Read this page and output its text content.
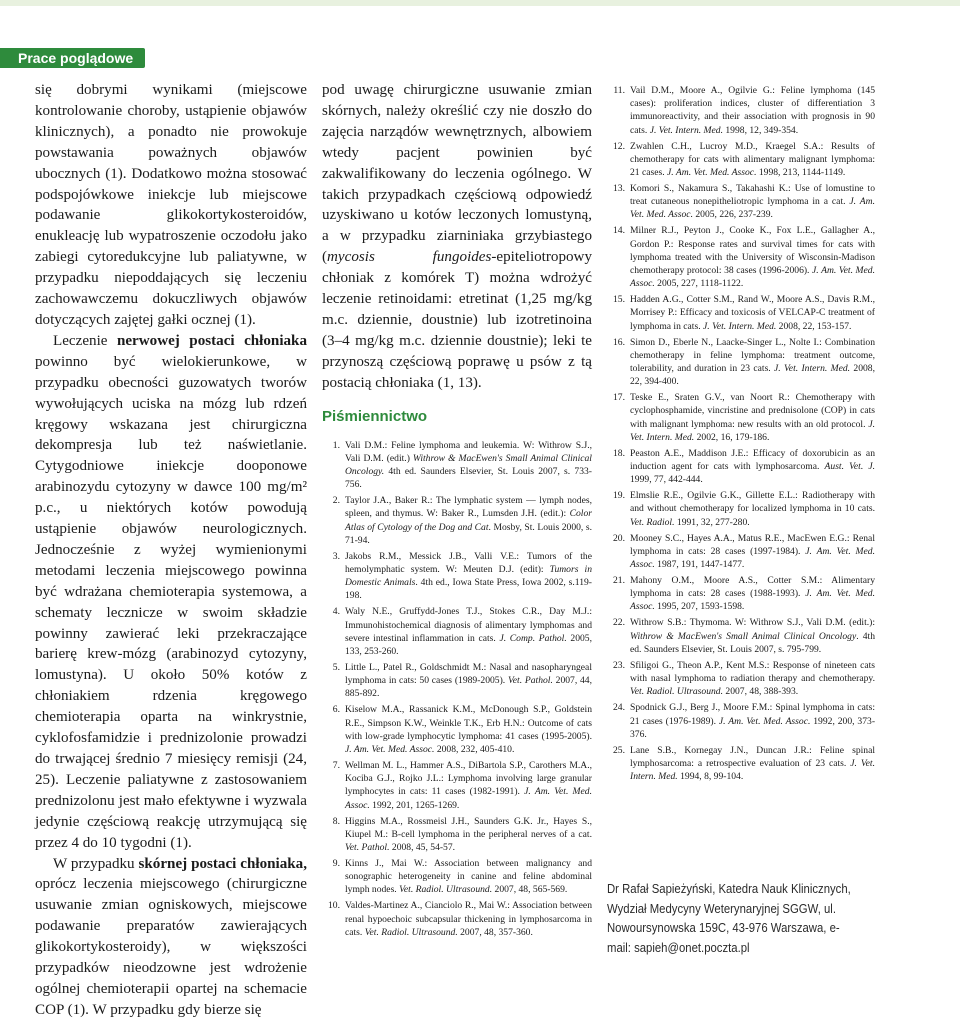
Prace poglądowe

się dobrymi wynikami (miejscowe kontrolowanie choroby, ustąpienie objawów klinicznych), a ponadto nie prowokuje powstawania poważnych objawów ubocznych (1). Dodatkowo można stosować podspojówkowe iniekcje lub miejscowe podawanie glikokortykosteroidów, enukleację lub wypatroszenie oczodołu jako zabiegi cytoredukcyjne lub paliatywne, w przypadku niepoddających się leczeniu zachowawczemu dokuczliwych objawów dotyczących zajętej gałki ocznej (1).

Leczenie nerwowej postaci chłoniaka powinno być wielokierunkowe, w przypadku obecności guzowatych tworów wywołujących uciska na mózg lub rdzeń kręgowy wskazana jest chirurgiczna dekompresja lub też naświetlanie. Cytygodniowe iniekcje dooponowe arabinozydu cytozyny w dawce 100 mg/m² p.c., u niektórych kotów powodują ustąpienie objawów neurologicznych. Jednocześnie z wyżej wymienionymi metodami leczenia miejscowego powinna być wdrażana chemioterapia systemowa, a schematy lecznicze w swoim składzie powinny zawierać leki przekraczające barierę krew-mózg (arabinozyd cytozyny, lomustyna). U około 50% kotów z chłoniakiem rdzenia kręgowego chemioterapia oparta na winkrystnie, cyklofosfamidzie i prednizolonie prowadzi do trwającej średnio 7 miesięcy remisji (24, 25). Leczenie paliatywne z zastosowaniem prednizolonu jest mało efektywne i wyzwala jedynie częściową reakcję utrzymującą się przez 4 do 10 tygodni (1).

W przypadku skórnej postaci chłoniaka, oprócz leczenia miejscowego (chirurgiczne usuwanie zmian ogniskowych, miejscowe podawanie preparatów zawierających glikokortykosteroidy), w większości przypadków nieodzowne jest wdrożenie ogólnej chemioterapii opartej na schemacie COP (1). W przypadku gdy bierze się

pod uwagę chirurgiczne usuwanie zmian skórnych, należy określić czy nie doszło do zajęcia narządów wewnętrznych, albowiem wtedy pacjent powinien być zakwalifikowany do leczenia ogólnego. W takich przypadkach częściową odpowiedź uzyskiwano u kotów leczonych lomustyną, a w przypadku ziarniniaka grzybiastego (mycosis fungoides-epiteliotropowy chłoniak z komórek T) można wdrożyć leczenie retinoidami: etretinat (1,25 mg/kg m.c. dziennie, doustnie) lub izotretinoina (3–4 mg/kg m.c. dziennie doustnie); leki te przynoszą częściową poprawę u psów z tą postacią chłoniaka (1, 13).

Piśmiennictwo
1. Vali D.M.: Feline lymphoma and leukemia. W: Withrow S.J., Vali D.M. (edit.) Withrow & MacEwen's Small Animal Clinical Oncology. 4th ed. Saunders Elsevier, St. Louis 2007, s. 733-756.
2. Taylor J.A., Baker R.: The lymphatic system — lymph nodes, spleen, and thymus. W: Baker R., Lumsden J.H. (edit.): Color Atlas of Cytology of the Dog and Cat. Mosby, St. Louis 2000, s. 71-94.
3. Jakobs R.M., Messick J.B., Valli V.E.: Tumors of the hemolymphatic system. W: Meuten D.J. (edit): Tumors in Domestic Animals. 4th ed., Iowa State Press, Iowa 2002, s.119-198.
4. Waly N.E., Gruffydd-Jones T.J., Stokes C.R., Day M.J.: Immunohistochemical diagnosis of alimentary lymphomas and severe intestinal inflammation in cats. J. Comp. Pathol. 2005, 133, 253-260.
5. Little L., Patel R., Goldschmidt M.: Nasal and nasopharyngeal lymphoma in cats: 50 cases (1989-2005). Vet. Pathol. 2007, 44, 885-892.
6. Kiselow M.A., Rassanick K.M., McDonough S.P., Goldstein R.E., Simpson K.W., Weinkle T.K., Erb H.N.: Outcome of cats with low-grade lymphocytic lymphoma: 41 cases (1995-2005). J. Am. Vet. Med. Assoc. 2008, 232, 405-410.
7. Wellman M. L., Hammer A.S., DiBartola S.P., Carothers M.A., Kociba G.J., Rojko J.L.: Lymphoma involving large granular lymphocytes in cats: 11 cases (1982-1991). J. Am. Vet. Med. Assoc. 1992, 201, 1265-1269.
8. Higgins M.A., Rossmeisl J.H., Saunders G.K. Jr., Hayes S., Kiupel M.: B-cell lymphoma in the peripheral nerves of a cat. Vet. Pathol. 2008, 45, 54-57.
9. Kinns J., Mai W.: Association between malignancy and sonographic heterogeneity in canine and feline abdominal lymph nodes. Vet. Radiol. Ultrasound. 2007, 48, 565-569.
10. Valdes-Martinez A., Cianciolo R., Mai W.: Association between renal hypoechoic subcapsular thickening in lymphosarcoma in cats. Vet. Radiol. Ultrasound. 2007, 48, 357-360.
11. Vail D.M., Moore A., Ogilvie G.: Feline lymphoma (145 cases): proliferation indices, cluster of differentiation 3 immunoreactivity, and their association with prognosis in 90 cats. J. Vet. Intern. Med. 1998, 12, 349-354.
12. Zwahlen C.H., Lucroy M.D., Kraegel S.A.: Results of chemotherapy for cats with alimentary malignant lymphoma: 21 cases. J. Am. Vet. Med. Assoc. 1998, 213, 1144-1149.
13. Komori S., Nakamura S., Takahashi K.: Use of lomustine to treat cutaneous nonepitheliotropic lymphoma in a cat. J. Am. Vet. Med. Assoc. 2005, 226, 237-239.
14. Milner R.J., Peyton J., Cooke K., Fox L.E., Gallagher A., Gordon P.: Response rates and survival times for cats with lymphoma treated with the University of Wisconsin-Madison chemotherapy protocol: 38 cases (1996-2006). J. Am. Vet. Med. Assoc. 2005, 227, 1118-1122.
15. Hadden A.G., Cotter S.M., Rand W., Moore A.S., Davis R.M., Morrisey P.: Efficacy and toxicosis of VELCAP-C treatment of lymphoma in cats. J. Vet. Intern. Med. 2008, 22, 153-157.
16. Simon D., Eberle N., Laacke-Singer L., Nolte I.: Combination chemotherapy in feline lymphoma: treatment outcome, tolerability, and duration in 23 cats. J. Vet. Intern. Med. 2008, 22, 394-400.
17. Teske E., Sraten G.V., van Noort R.: Chemotherapy with cyclophosphamide, vincristine and prednisolone (COP) in cats with malignant lymphoma: new results with an old protocol. J. Vet. Intern. Med. 2002, 16, 179-186.
18. Peaston A.E., Maddison J.E.: Efficacy of doxorubicin as an induction agent for cats with lymphosarcoma. Aust. Vet. J. 1999, 77, 442-444.
19. Elmslie R.E., Ogilvie G.K., Gillette E.L.: Radiotherapy with and without chemotherapy for localized lymphoma in 10 cats. Vet. Radiol. 1991, 32, 277-280.
20. Mooney S.C., Hayes A.A., Matus R.E., MacEwen E.G.: Renal lymphoma in cats: 28 cases (1997-1984). J. Am. Vet. Med. Assoc. 1987, 191, 1447-1477.
21. Mahony O.M., Moore A.S., Cotter S.M.: Alimentary lymphoma in cats: 28 cases (1988-1993). J. Am. Vet. Med. Assoc. 1995, 207, 1593-1598.
22. Withrow S.B.: Thymoma. W: Withrow S.J., Vali D.M. (edit.): Withrow & MacEwen's Small Animal Clinical Oncology. 4th ed. Saunders Elsevier, St. Louis 2007, s. 795-799.
23. Sfiligoi G., Theon A.P., Kent M.S.: Response of nineteen cats with nasal lymphoma to radiation therapy and chemotherapy. Vet. Radiol. Ultrasound. 2007, 48, 388-393.
24. Spodnick G.J., Berg J., Moore F.M.: Spinal lymphoma in cats: 21 cases (1976-1989). J. Am. Vet. Med. Assoc. 1992, 200, 373-376.
25. Lane S.B., Kornegay J.N., Duncan J.R.: Feline spinal lymphosarcoma: a retrospective evaluation of 23 cats. J. Vet. Intern. Med. 1994, 8, 99-104.
Dr Rafał Sapieżyński, Katedra Nauk Klinicznych, Wydział Medycyny Weterynaryjnej SGGW, ul. Nowoursynowska 159C, 43-976 Warszawa, e-mail: sapieh@onet.poczta.pl
